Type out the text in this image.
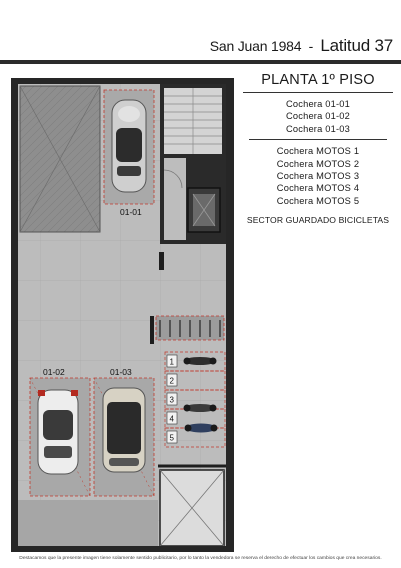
San Juan 1984 - Latitud 37
01-01
1
2
3
4
5
01-02	01-03
PLANTA 1º PISO
Cochera 01-01
Cochera 01-02
Cochera 01-03
Cochera MOTOS 1
Cochera MOTOS 2
Cochera MOTOS 3
Cochera MOTOS 4
Cochera MOTOS 5
SECTOR GUARDADO BICICLETAS
Destacamos que la presente imagen tiene solamente sentido publicitario, por lo tanto la vendedora se reserva el derecho de efectuar los cambios que crea necesarios.
